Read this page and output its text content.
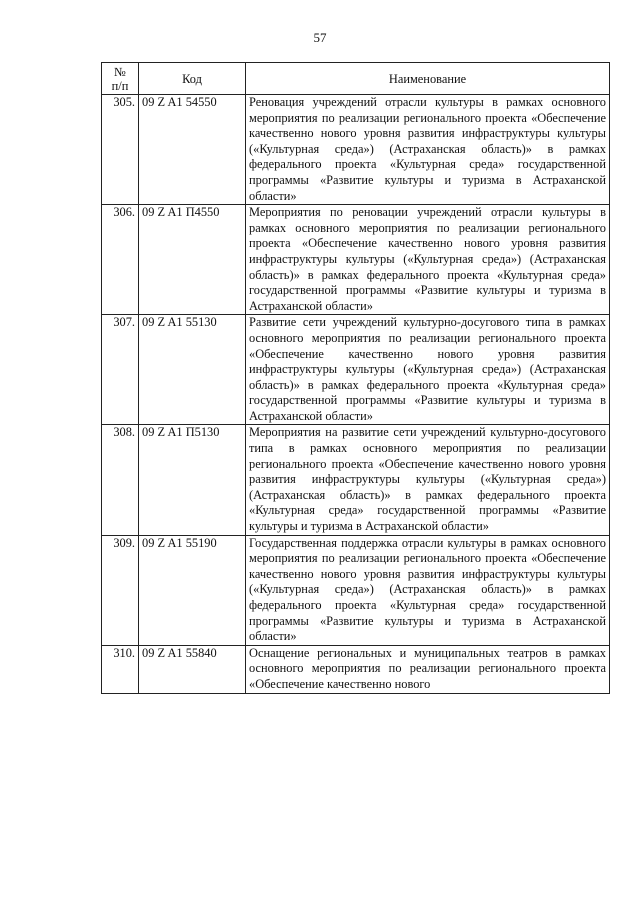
57
№
п/п	Код	Наименование
305.	09 Z A1 54550	Реновация учреждений отрасли культуры в рамках основного мероприятия по реализации регионального проекта «Обеспечение качественно нового уровня развития инфраструктуры культуры («Культурная среда») (Астраханская область)» в рамках федерального проекта «Культурная среда» государственной программы «Развитие культуры и туризма в Астраханской области»
306.	09 Z A1 П4550	Мероприятия по реновации учреждений отрасли культуры в рамках основного мероприятия по реализации регионального проекта «Обеспечение качественно нового уровня развития инфраструктуры культуры («Культурная среда») (Астраханская область)» в рамках федерального проекта «Культурная среда» государственной программы «Развитие культуры и туризма в Астраханской области»
307.	09 Z A1 55130	Развитие сети учреждений культурно-досугового типа в рамках основного мероприятия по реализации регионального проекта «Обеспечение качественно нового уровня развития инфраструктуры культуры («Культурная среда») (Астраханская область)» в рамках федерального проекта «Культурная среда» государственной программы «Развитие культуры и туризма в Астраханской области»
308.	09 Z A1 П5130	Мероприятия на развитие сети учреждений культурно-досугового типа в рамках основного мероприятия по реализации регионального проекта «Обеспечение качественно нового уровня развития инфраструктуры культуры («Культурная среда») (Астраханская область)» в рамках федерального проекта «Культурная среда» государственной программы «Развитие культуры и туризма в Астраханской области»
309.	09 Z A1 55190	Государственная поддержка отрасли культуры в рамках основного мероприятия по реализации регионального проекта «Обеспечение качественно нового уровня развития инфраструктуры культуры («Культурная среда») (Астраханская область)» в рамках федерального проекта «Культурная среда» государственной программы «Развитие культуры и туризма в Астраханской области»
310.	09 Z A1 55840	Оснащение региональных и муниципальных театров в рамках основного мероприятия по реализации регионального проекта «Обеспечение качественно нового
